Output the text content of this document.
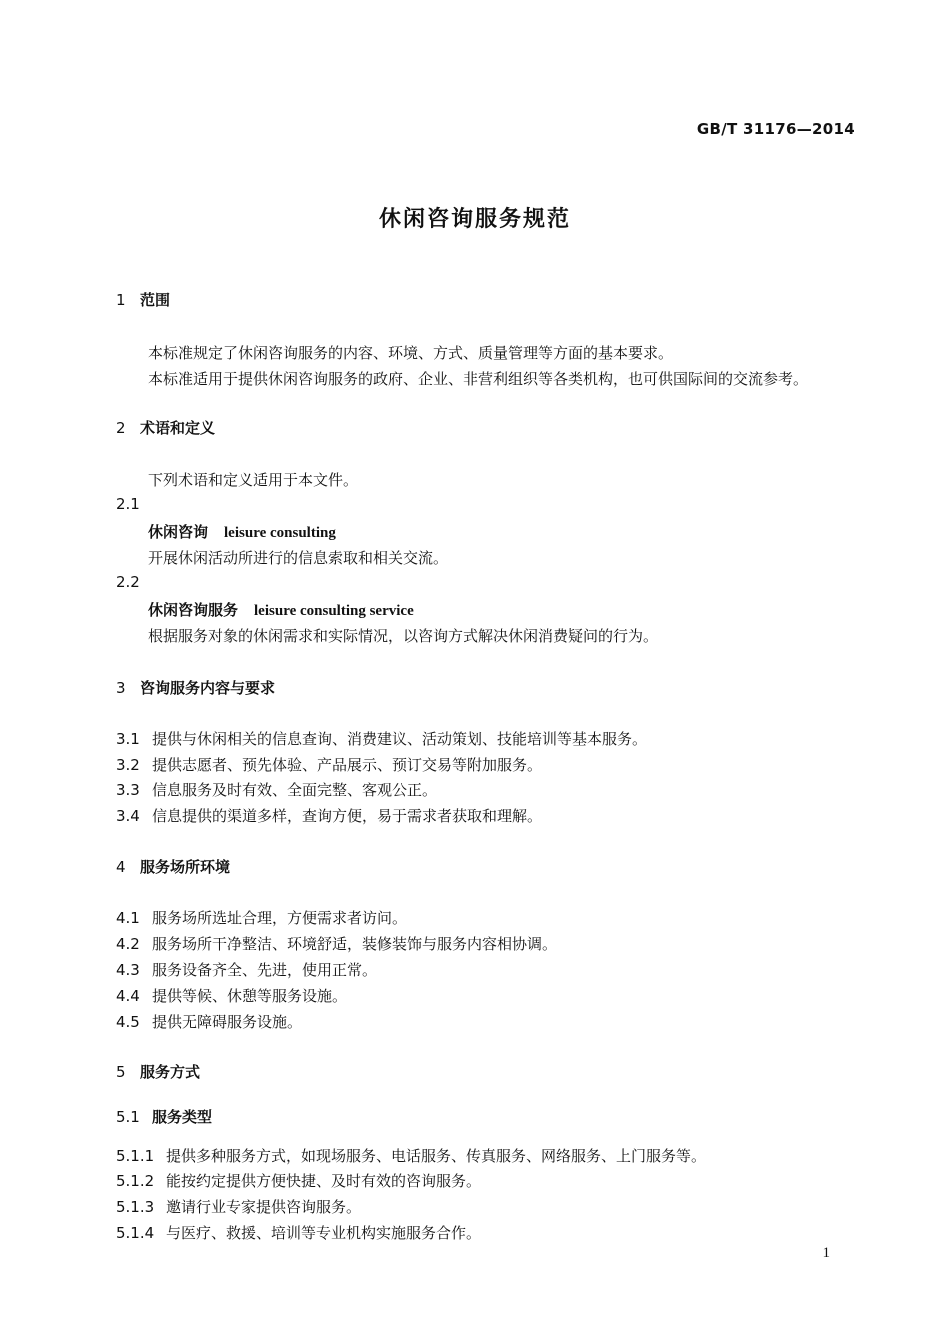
GB/T 31176—2014
休闲咨询服务规范
1 范围
本标准规定了休闲咨询服务的内容、环境、方式、质量管理等方面的基本要求。
本标准适用于提供休闲咨询服务的政府、企业、非营利组织等各类机构，也可供国际间的交流参考。
2 术语和定义
下列术语和定义适用于本文件。
2.1
休闲咨询 leisure consulting
开展休闲活动所进行的信息索取和相关交流。
2.2
休闲咨询服务 leisure consulting service
根据服务对象的休闲需求和实际情况，以咨询方式解决休闲消费疑问的行为。
3 咨询服务内容与要求
3.1 提供与休闲相关的信息查询、消费建议、活动策划、技能培训等基本服务。
3.2 提供志愿者、预先体验、产品展示、预订交易等附加服务。
3.3 信息服务及时有效、全面完整、客观公正。
3.4 信息提供的渠道多样，查询方便，易于需求者获取和理解。
4 服务场所环境
4.1 服务场所选址合理，方便需求者访问。
4.2 服务场所干净整洁、环境舒适，装修装饰与服务内容相协调。
4.3 服务设备齐全、先进，使用正常。
4.4 提供等候、休憩等服务设施。
4.5 提供无障碍服务设施。
5 服务方式
5.1 服务类型
5.1.1 提供多种服务方式，如现场服务、电话服务、传真服务、网络服务、上门服务等。
5.1.2 能按约定提供方便快捷、及时有效的咨询服务。
5.1.3 邀请行业专家提供咨询服务。
5.1.4 与医疗、救援、培训等专业机构实施服务合作。
1
